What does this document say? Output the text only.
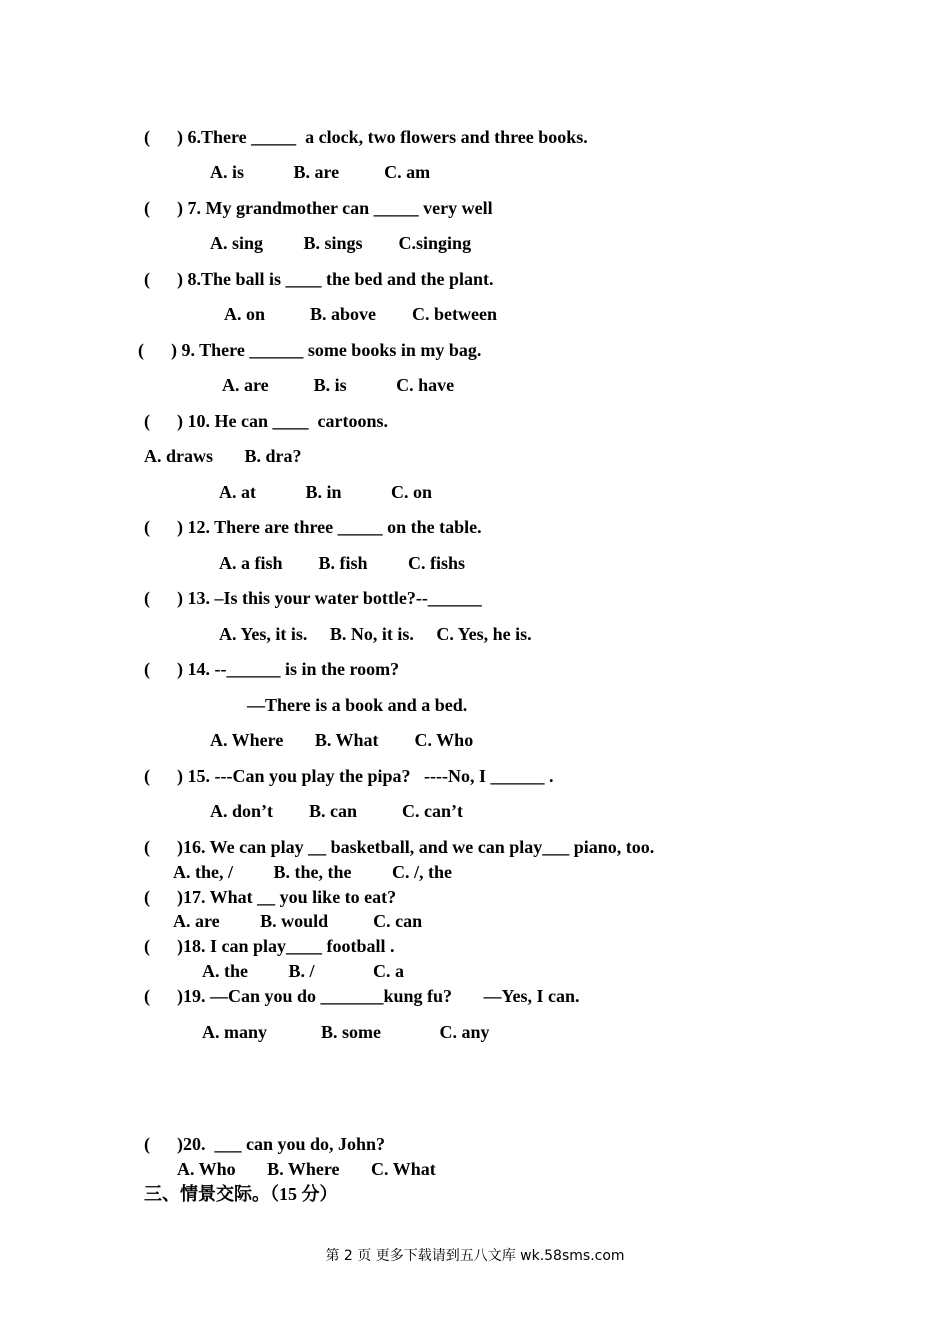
(      ) 6.There _____  a clock, two flowers and three books.
A. is           B. are          C. am
(      ) 7. My grandmother can _____ very well
A. sing         B. sings        C.singing
(      ) 8.The ball is ____ the bed and the plant.
A. on          B. above        C. between
(      ) 9. There ______ some books in my bag.
A. are          B. is           C. have
(      ) 10. He can ____  cartoons.
A. draws       B. dra?
A. at           B. in           C. on
(      ) 12. There are three _____ on the table.
A. a fish        B. fish         C. fishs
(      ) 13. –Is this your water bottle?--______
A. Yes, it is.     B. No, it is.     C. Yes, he is.
(      ) 14. --______ is in the room?
—There is a book and a bed.
A. Where       B. What        C. Who
(      ) 15. ---Can you play the pipa?   ----No, I ______ .
A. don’t        B. can          C. can’t
(      )16. We can play __ basketball, and we can play___ piano, too.
A. the, /         B. the, the         C. /, the
(      )17. What __ you like to eat?
A. are         B. would          C. can
(      )18. I can play____ football .
A. the         B. /             C. a
(      )19. —Can you do _______kung fu?       —Yes, I can.
A. many            B. some             C. any
(      )20.  ___ can you do, John?
A. Who       B. Where       C. What
三、情景交际。（15 分）
第 2 页 更多下载请到五八文库 wk.58sms.com
